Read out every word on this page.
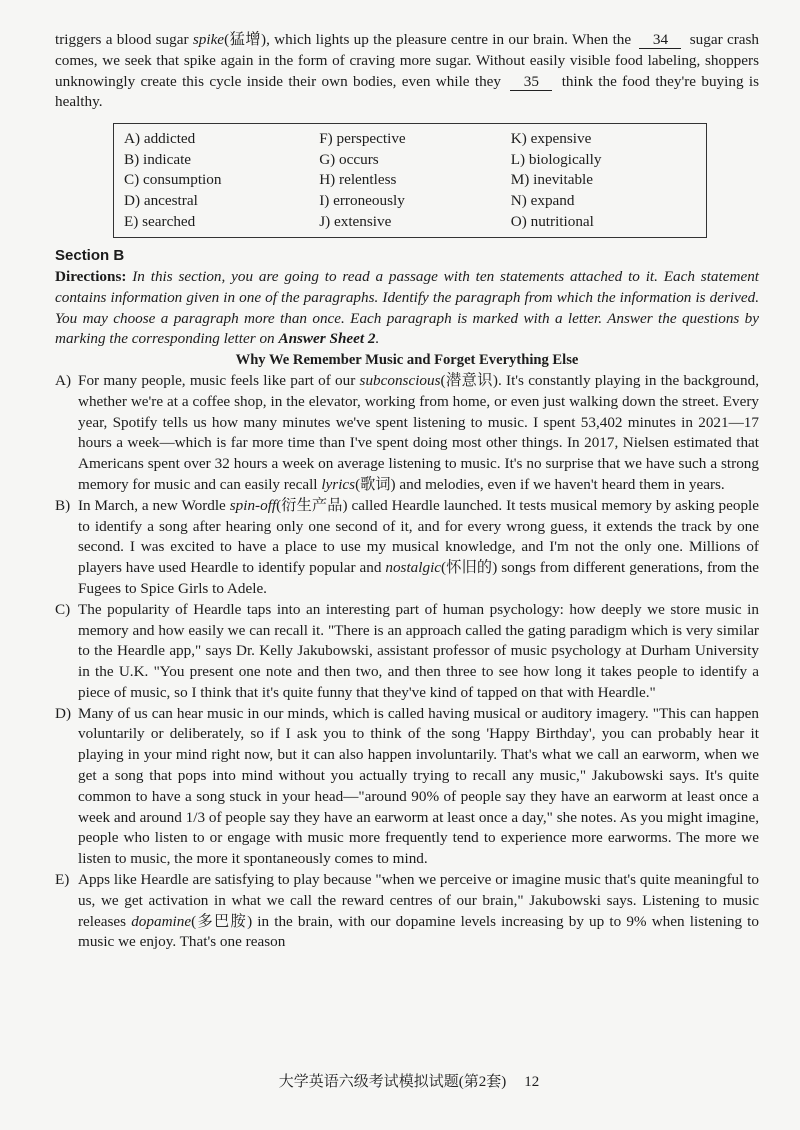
triggers a blood sugar spike(猛增), which lights up the pleasure centre in our brain. When the 34 sugar crash comes, we seek that spike again in the form of craving more sugar. Without easily visible food labeling, shoppers unknowingly create this cycle inside their own bodies, even while they 35 think the food they're buying is healthy.

A) addicted	F) perspective	K) expensive
B) indicate	G) occurs	L) biologically
C) consumption	H) relentless	M) inevitable
D) ancestral	I) erroneously	N) expand
E) searched	J) extensive	O) nutritional
Section B

Directions: In this section, you are going to read a passage with ten statements attached to it. Each statement contains information given in one of the paragraphs. Identify the paragraph from which the information is derived. You may choose a paragraph more than once. Each paragraph is marked with a letter. Answer the questions by marking the corresponding letter on Answer Sheet 2.

Why We Remember Music and Forget Everything Else
A) For many people, music feels like part of our subconscious(潜意识). It's constantly playing in the background, whether we're at a coffee shop, in the elevator, working from home, or even just walking down the street. Every year, Spotify tells us how many minutes we've spent listening to music. I spent 53,402 minutes in 2021—17 hours a week—which is far more time than I've spent doing most other things. In 2017, Nielsen estimated that Americans spent over 32 hours a week on average listening to music. It's no surprise that we have such a strong memory for music and can easily recall lyrics(歌词) and melodies, even if we haven't heard them in years.
B) In March, a new Wordle spin-off(衍生产品) called Heardle launched. It tests musical memory by asking people to identify a song after hearing only one second of it, and for every wrong guess, it extends the track by one second. I was excited to have a place to use my musical knowledge, and I'm not the only one. Millions of players have used Heardle to identify popular and nostalgic(怀旧的) songs from different generations, from the Fugees to Spice Girls to Adele.
C) The popularity of Heardle taps into an interesting part of human psychology: how deeply we store music in memory and how easily we can recall it. "There is an approach called the gating paradigm which is very similar to the Heardle app," says Dr. Kelly Jakubowski, assistant professor of music psychology at Durham University in the U.K. "You present one note and then two, and then three to see how long it takes people to identify a piece of music, so I think that it's quite funny that they've kind of tapped on that with Heardle."
D) Many of us can hear music in our minds, which is called having musical or auditory imagery. "This can happen voluntarily or deliberately, so if I ask you to think of the song 'Happy Birthday', you can probably hear it playing in your mind right now, but it can also happen involuntarily. That's what we call an earworm, when we get a song that pops into mind without you actually trying to recall any music," Jakubowski says. It's quite common to have a song stuck in your head—"around 90% of people say they have an earworm at least once a week and around 1/3 of people say they have an earworm at least once a day," she notes. As you might imagine, people who listen to or engage with music more frequently tend to experience more earworms. The more we listen to music, the more it spontaneously comes to mind.
E) Apps like Heardle are satisfying to play because "when we perceive or imagine music that's quite meaningful to us, we get activation in what we call the reward centres of our brain," Jakubowski says. Listening to music releases dopamine(多巴胺) in the brain, with our dopamine levels increasing by up to 9% when listening to music we enjoy. That's one reason
大学英语六级考试模拟试题(第2套) 12
